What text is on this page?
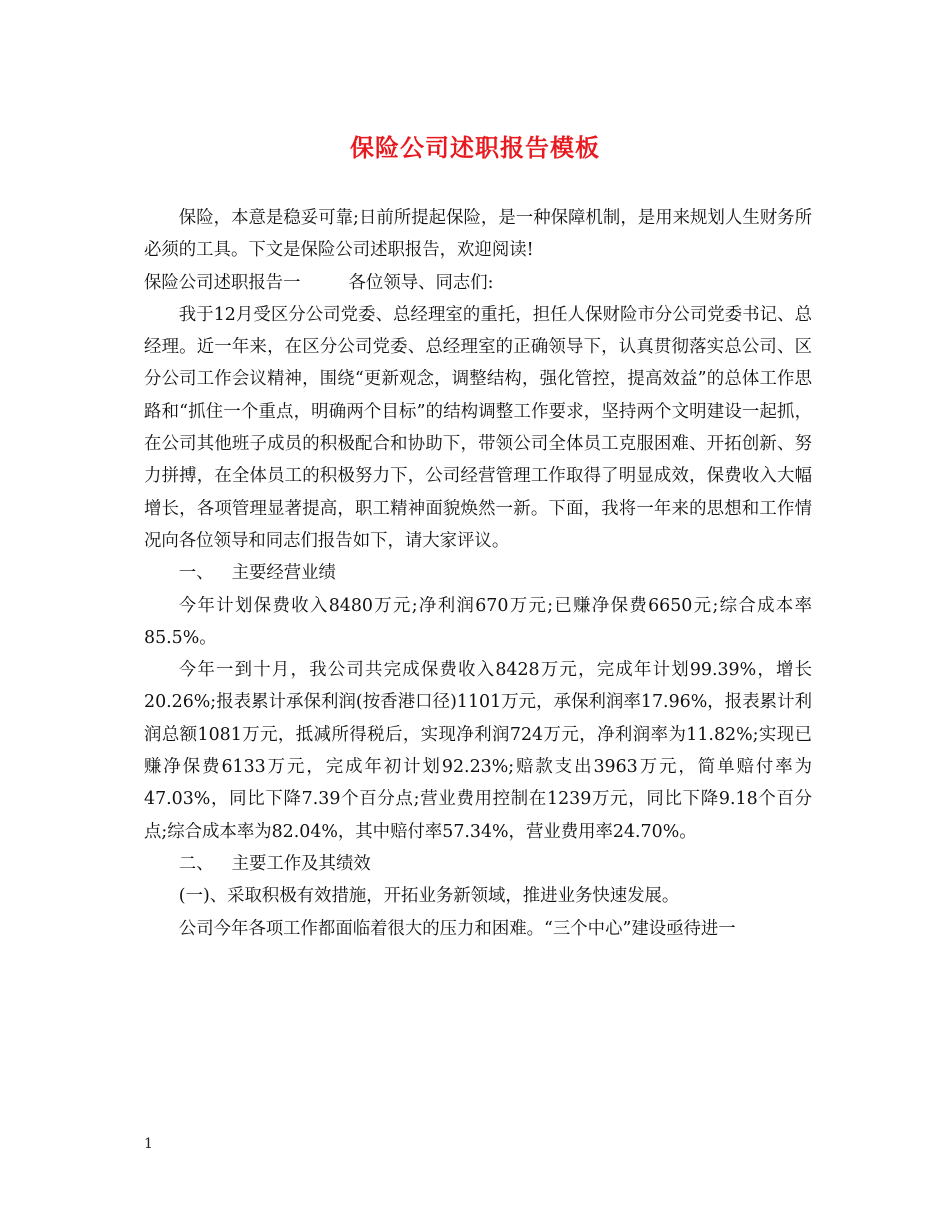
保险公司述职报告模板

保险，本意是稳妥可靠;日前所提起保险，是一种保障机制，是用来规划人生财务所必须的工具。下文是保险公司述职报告，欢迎阅读!

保险公司述职报告一	各位领导、同志们:

我于12月受区分公司党委、总经理室的重托，担任人保财险市分公司党委书记、总经理。近一年来，在区分公司党委、总经理室的正确领导下，认真贯彻落实总公司、区分公司工作会议精神，围绕“更新观念，调整结构，强化管控，提高效益”的总体工作思路和“抓住一个重点，明确两个目标”的结构调整工作要求，坚持两个文明建设一起抓，在公司其他班子成员的积极配合和协助下，带领公司全体员工克服困难、开拓创新、努力拼搏，在全体员工的积极努力下，公司经营管理工作取得了明显成效，保费收入大幅增长，各项管理显著提高，职工精神面貌焕然一新。下面，我将一年来的思想和工作情况向各位领导和同志们报告如下，请大家评议。

一、 主要经营业绩

今年计划保费收入8480万元;净利润670万元;已赚净保费6650元;综合成本率85.5%。

今年一到十月，我公司共完成保费收入8428万元，完成年计划99.39%，增长20.26%;报表累计承保利润(按香港口径)1101万元，承保利润率17.96%，报表累计利润总额1081万元，抵减所得税后，实现净利润724万元，净利润率为11.82%;实现已赚净保费6133万元，完成年初计划92.23%;赔款支出3963万元，简单赔付率为47.03%，同比下降7.39个百分点;营业费用控制在1239万元，同比下降9.18个百分点;综合成本率为82.04%，其中赔付率57.34%，营业费用率24.70%。

二、 主要工作及其绩效

(一)、采取积极有效措施，开拓业务新领域，推进业务快速发展。

公司今年各项工作都面临着很大的压力和困难。“三个中心”建设亟待进一

1
